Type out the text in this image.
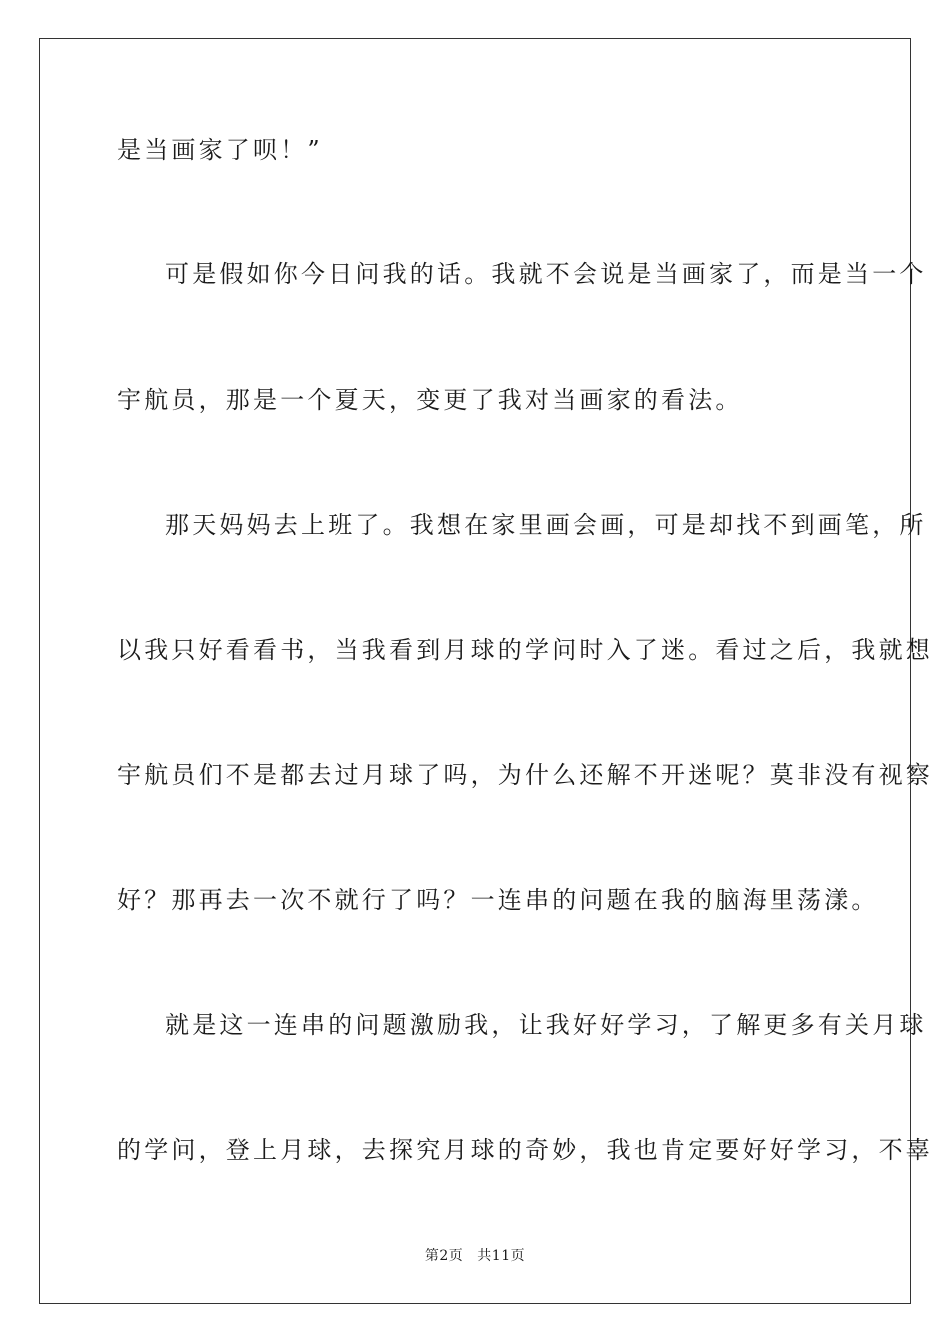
是当画家了呗！”
可是假如你今日问我的话。我就不会说是当画家了，而是当一个
宇航员，那是一个夏天，变更了我对当画家的看法。
那天妈妈去上班了。我想在家里画会画，可是却找不到画笔，所
以我只好看看书，当我看到月球的学问时入了迷。看过之后，我就想
宇航员们不是都去过月球了吗，为什么还解不开迷呢？莫非没有视察
好？那再去一次不就行了吗？一连串的问题在我的脑海里荡漾。
就是这一连串的问题激励我，让我好好学习，了解更多有关月球
的学问，登上月球，去探究月球的奇妙，我也肯定要好好学习，不辜
第2页 共11页
